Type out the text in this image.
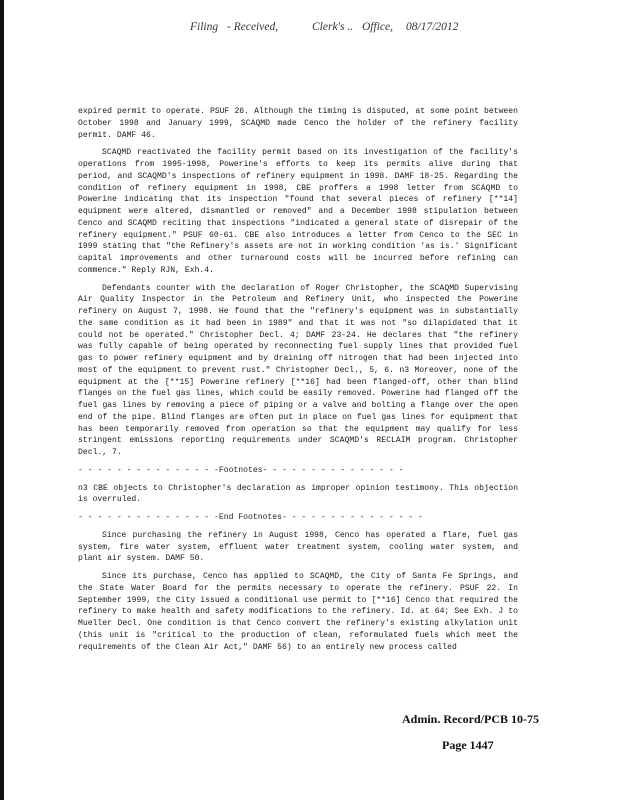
Filing - Received,	Clerk's .. Office, 08/17/2012

expired permit to operate. PSUF 26. Although the timing is disputed, at some point between October 1998 and January 1999, SCAQMD made Cenco the holder of the refinery facility permit. DAMF 46.

SCAQMD reactivated the facility permit based on its investigation of the facility's operations from 1995-1998, Powerine's efforts to keep its permits alive during that period, and SCAQMD's inspections of refinery equipment in 1998. DAMF 18-25. Regarding the condition of refinery equipment in 1998, CBE proffers a 1998 letter from SCAQMD to Powerine indicating that its inspection "found that several pieces of refinery [**14] equipment were altered, dismantled or removed" and a December 1998 stipulation between Cenco and SCAQMD reciting that inspections "indicated a general state of disrepair of the refinery equipment." PSUF 60-61. CBE also introduces a letter from Cenco to the SEC in 1999 stating that "the Refinery's assets are not in working condition 'as is.' Significant capital improvements and other turnaround costs will be incurred before refining can commence." Reply RJN, Exh.4.

Defendants counter with the declaration of Roger Christopher, the SCAQMD Supervising Air Quality Inspector in the Petroleum and Refinery Unit, who inspected the Powerine refinery on August 7, 1998. He found that the "refinery's equipment was in substantially the same condition as it had been in 1989" and that it was not "so dilapidated that it could not be operated." Christopher Decl. 4; DAMF 23-24. He declares that "the refinery was fully capable of being operated by reconnecting fuel supply lines that provided fuel gas to power refinery equipment and by draining off nitrogen that had been injected into most of the equipment to prevent rust." Christopher Decl., 5, 6. n3 Moreover, none of the equipment at the [**15] Powerine refinery [**16] had been flanged-off, other than blind flanges on the fuel gas lines, which could be easily removed. Powerine had flanged off the fuel gas lines by removing a piece of piping or a valve and bolting a flange over the open end of the pipe. Blind flanges are often put in place on fuel gas lines for equipment that has been temporarily removed from operation so that the equipment may qualify for less stringent emissions reporting requirements under SCAQMD's RECLAIM program. Christopher Decl., 7.

- - - - - - - - - - - - - - -Footnotes- - - - - - - - - - - - - - -

n3 CBE objects to Christopher's declaration as improper opinion testimony. This objection is overruled.

- - - - - - - - - - - - - - -End Footnotes- - - - - - - - - - - - - - -

Since purchasing the refinery in August 1998, Cenco has operated a flare, fuel gas system, fire water system, effluent water treatment system, cooling water system, and plant air system. DAMF 50.

Since its purchase, Cenco has applied to SCAQMD, the City of Santa Fe Springs, and the State Water Board for the permits necessary to operate the refinery. PSUF 22. In September 1999, the City issued a conditional use permit to [**16] Cenco that required the refinery to make health and safety modifications to the refinery. Id. at 64; See Exh. J to Mueller Decl. One condition is that Cenco convert the refinery's existing alkylation unit (this unit is "critical to the production of clean, reformulated fuels which meet the requirements of the Clean Air Act," DAMF 56) to an entirely new process called

Admin. Record/PCB 10-75
Page 1447
